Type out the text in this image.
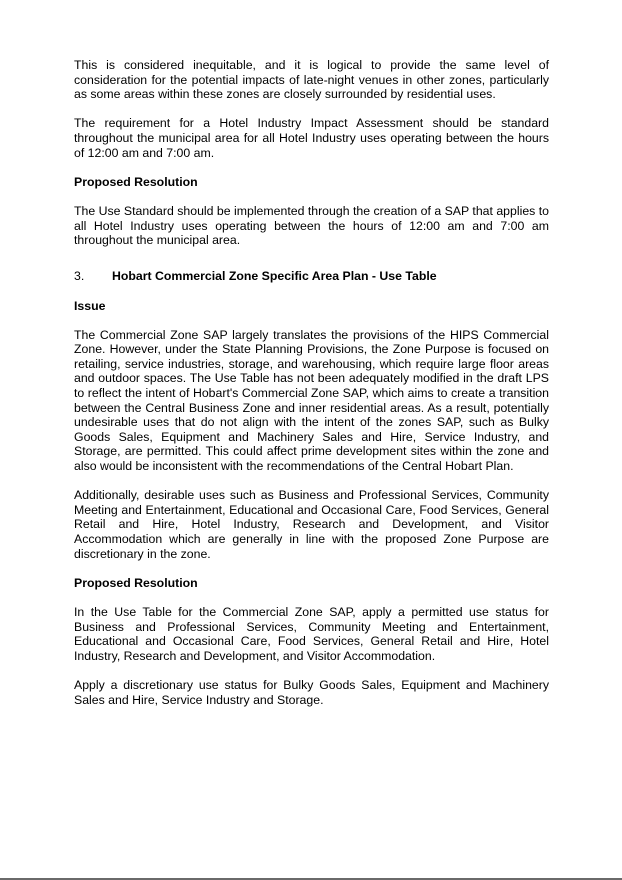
This is considered inequitable, and it is logical to provide the same level of consideration for the potential impacts of late-night venues in other zones, particularly as some areas within these zones are closely surrounded by residential uses.

The requirement for a Hotel Industry Impact Assessment should be standard throughout the municipal area for all Hotel Industry uses operating between the hours of 12:00 am and 7:00 am.

Proposed Resolution

The Use Standard should be implemented through the creation of a SAP that applies to all Hotel Industry uses operating between the hours of 12:00 am and 7:00 am throughout the municipal area.

3.	Hobart Commercial Zone Specific Area Plan - Use Table
Issue

The Commercial Zone SAP largely translates the provisions of the HIPS Commercial Zone. However, under the State Planning Provisions, the Zone Purpose is focused on retailing, service industries, storage, and warehousing, which require large floor areas and outdoor spaces. The Use Table has not been adequately modified in the draft LPS to reflect the intent of Hobart's Commercial Zone SAP, which aims to create a transition between the Central Business Zone and inner residential areas. As a result, potentially undesirable uses that do not align with the intent of the zones SAP, such as Bulky Goods Sales, Equipment and Machinery Sales and Hire, Service Industry, and Storage, are permitted. This could affect prime development sites within the zone and also would be inconsistent with the recommendations of the Central Hobart Plan.

Additionally, desirable uses such as Business and Professional Services, Community Meeting and Entertainment, Educational and Occasional Care, Food Services, General Retail and Hire, Hotel Industry, Research and Development, and Visitor Accommodation which are generally in line with the proposed Zone Purpose are discretionary in the zone.

Proposed Resolution

In the Use Table for the Commercial Zone SAP, apply a permitted use status for Business and Professional Services, Community Meeting and Entertainment, Educational and Occasional Care, Food Services, General Retail and Hire, Hotel Industry, Research and Development, and Visitor Accommodation.

Apply a discretionary use status for Bulky Goods Sales, Equipment and Machinery Sales and Hire, Service Industry and Storage.
